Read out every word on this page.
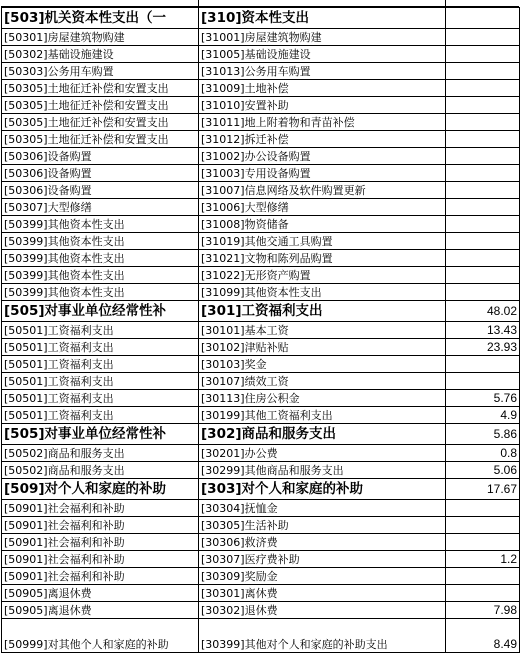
[503]机关资本性支出（一	[310]资本性支出	
[50301]房屋建筑物购建	[31001]房屋建筑物购建	
[50302]基础设施建设	[31005]基础设施建设	
[50303]公务用车购置	[31013]公务用车购置	
[50305]土地征迁补偿和安置支出	[31009]土地补偿	
[50305]土地征迁补偿和安置支出	[31010]安置补助	
[50305]土地征迁补偿和安置支出	[31011]地上附着物和青苗补偿	
[50305]土地征迁补偿和安置支出	[31012]拆迁补偿	
[50306]设备购置	[31002]办公设备购置	
[50306]设备购置	[31003]专用设备购置	
[50306]设备购置	[31007]信息网络及软件购置更新	
[50307]大型修缮	[31006]大型修缮	
[50399]其他资本性支出	[31008]物资储备	
[50399]其他资本性支出	[31019]其他交通工具购置	
[50399]其他资本性支出	[31021]文物和陈列品购置	
[50399]其他资本性支出	[31022]无形资产购置	
[50399]其他资本性支出	[31099]其他资本性支出	
[505]对事业单位经常性补	[301]工资福利支出	48.02
[50501]工资福利支出	[30101]基本工资	13.43
[50501]工资福利支出	[30102]津贴补贴	23.93
[50501]工资福利支出	[30103]奖金	
[50501]工资福利支出	[30107]绩效工资	
[50501]工资福利支出	[30113]住房公积金	5.76
[50501]工资福利支出	[30199]其他工资福利支出	4.9
[505]对事业单位经常性补	[302]商品和服务支出	5.86
[50502]商品和服务支出	[30201]办公费	0.8
[50502]商品和服务支出	[30299]其他商品和服务支出	5.06
[509]对个人和家庭的补助	[303]对个人和家庭的补助	17.67
[50901]社会福利和补助	[30304]抚恤金	
[50901]社会福利和补助	[30305]生活补助	
[50901]社会福利和补助	[30306]救济费	
[50901]社会福利和补助	[30307]医疗费补助	1.2
[50901]社会福利和补助	[30309]奖励金	
[50905]离退休费	[30301]离休费	
[50905]离退休费	[30302]退休费	7.98
[50999]对其他个人和家庭的补助	[30399]其他对个人和家庭的补助支出	8.49
